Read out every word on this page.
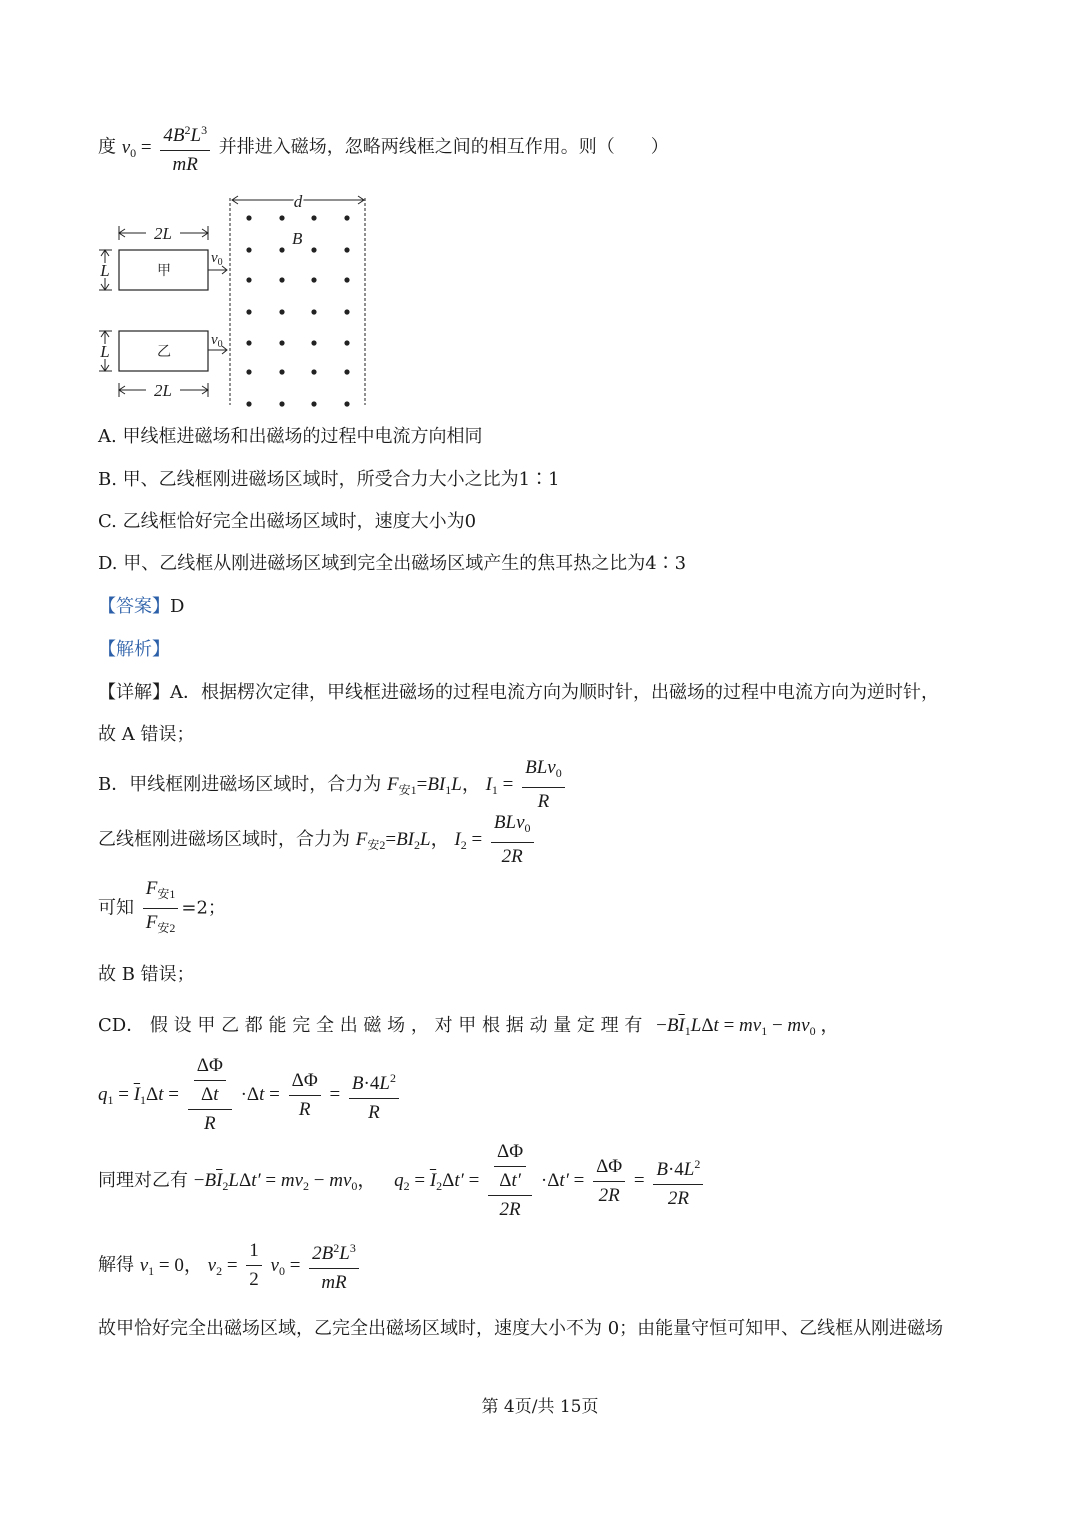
度 $v_0 = \frac{4B^2L^3}{mR}$ 并排进入磁场，忽略两线框之间的相互作用。则（　　）
d
B
2L
甲
$v_0$
L
乙
$v_0$
L
2L
A. 甲线框进磁场和出磁场的过程中电流方向相同
B. 甲、乙线框刚进磁场区域时，所受合力大小之比为1∶1
C. 乙线框恰好完全出磁场区域时，速度大小为0
D. 甲、乙线框从刚进磁场区域到完全出磁场区域产生的焦耳热之比为4∶3
【答案】D
【解析】
【详解】A．根据楞次定律，甲线框进磁场的过程电流方向为顺时针，出磁场的过程中电流方向为逆时针，
故 A 错误；
B．甲线框刚进磁场区域时，合力为 $F_{安1}=BI_1L$， $I_1 = \frac{BLv_0}{R}$
乙线框刚进磁场区域时，合力为 $F_{安2}=BI_2L$， $I_2 = \frac{BLv_0}{2R}$
可知 $\frac{F_{安1}}{F_{安2}} =2$；
故 B 错误；
CD． 假 设 甲 乙 都 能 完 全 出 磁 场 ， 对 甲 根 据 动 量 定 理 有 $-B\overline{I}_1L\Delta t = mv_1 - mv_0$ ，
$q_1 = \overline{I}_1\Delta t = \frac{\frac{\Delta\Phi}{\Delta t}}{R} \cdot\Delta t = \frac{\Delta\Phi}{R} = \frac{B\cdot 4L^2}{R}$
同理对乙有 $-B\overline{I}_2L\Delta t' = mv_2 - mv_0$， $q_2 = \overline{I}_2\Delta t' = \frac{\frac{\Delta\Phi}{\Delta t'}}{2R} \cdot\Delta t' = \frac{\Delta\Phi}{2R} = \frac{B\cdot 4L^2}{2R}$
解得 $v_1 = 0$， $v_2 = \frac{1}{2} v_0 = \frac{2B^2L^3}{mR}$
故甲恰好完全出磁场区域，乙完全出磁场区域时，速度大小不为 0；由能量守恒可知甲、乙线框从刚进磁场
第 4页/共 15页
